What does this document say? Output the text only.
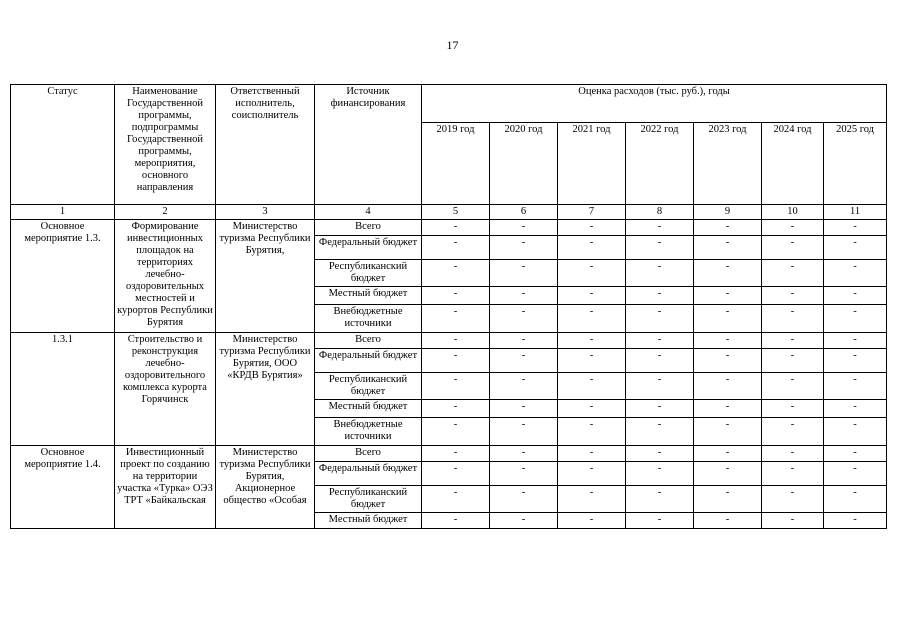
17
Статус	Наименование Государственной программы, подпрограммы Государственной программы, мероприятия, основного направления	Ответственный исполнитель, соисполнитель	Источник финансирования	Оценка расходов (тыс. руб.), годы						
				2019 год	2020 год	2021 год	2022 год	2023 год	2024 год	2025 год
1	2	3	4	5	6	7	8	9	10	11
Основное мероприятие 1.3.	Формирование инвестиционных площадок на территориях лечебно-оздоровительных местностей и курортов Республики Бурятия	Министерство туризма Республики Бурятия,	Всего	-	-	-	-	-	-	-
			Федеральный бюджет	-	-	-	-	-	-	-
			Республиканский бюджет	-	-	-	-	-	-	-
			Местный бюджет	-	-	-	-	-	-	-
			Внебюджетные источники	-	-	-	-	-	-	-
1.3.1	Строительство и реконструкция лечебно-оздоровительного комплекса курорта Горячинск	Министерство туризма Республики Бурятия, ООО «КРДВ Бурятия»	Всего	-	-	-	-	-	-	-
			Федеральный бюджет	-	-	-	-	-	-	-
			Республиканский бюджет	-	-	-	-	-	-	-
			Местный бюджет	-	-	-	-	-	-	-
			Внебюджетные источники	-	-	-	-	-	-	-
Основное мероприятие 1.4.	Инвестиционный проект по созданию на территории участка «Турка» ОЭЗ ТРТ «Байкальская	Министерство туризма Республики Бурятия, Акционерное общество «Особая	Всего	-	-	-	-	-	-	-
			Федеральный бюджет	-	-	-	-	-	-	-
			Республиканский бюджет	-	-	-	-	-	-	-
			Местный бюджет	-	-	-	-	-	-	-
